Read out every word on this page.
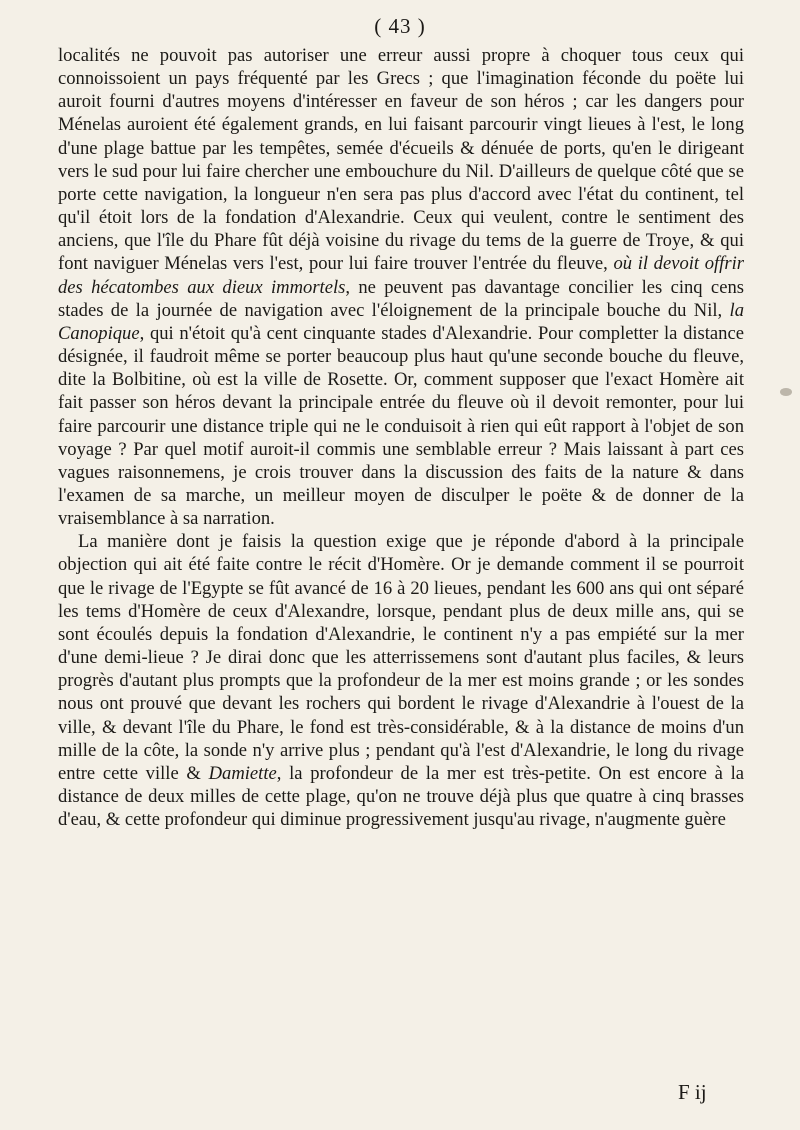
( 43 )

localités ne pouvoit pas autoriser une erreur aussi propre à choquer tous ceux qui connoissoient un pays fréquenté par les Grecs ; que l'imagination féconde du poëte lui auroit fourni d'autres moyens d'intéresser en faveur de son héros ; car les dangers pour Ménelas auroient été également grands, en lui faisant parcourir vingt lieues à l'est, le long d'une plage battue par les tempêtes, semée d'écueils & dénuée de ports, qu'en le dirigeant vers le sud pour lui faire chercher une embouchure du Nil. D'ailleurs de quelque côté que se porte cette navigation, la longueur n'en sera pas plus d'accord avec l'état du continent, tel qu'il étoit lors de la fondation d'Alexandrie. Ceux qui veulent, contre le sentiment des anciens, que l'île du Phare fût déjà voisine du rivage du tems de la guerre de Troye, & qui font naviguer Ménelas vers l'est, pour lui faire trouver l'entrée du fleuve, où il devoit offrir des hécatombes aux dieux immortels, ne peuvent pas davantage concilier les cinq cens stades de la journée de navigation avec l'éloignement de la principale bouche du Nil, la Canopique, qui n'étoit qu'à cent cinquante stades d'Alexandrie. Pour completter la distance désignée, il faudroit même se porter beaucoup plus haut qu'une seconde bouche du fleuve, dite la Bolbitine, où est la ville de Rosette. Or, comment supposer que l'exact Homère ait fait passer son héros devant la principale entrée du fleuve où il devoit remonter, pour lui faire parcourir une distance triple qui ne le conduisoit à rien qui eût rapport à l'objet de son voyage ? Par quel motif auroit-il commis une semblable erreur ? Mais laissant à part ces vagues raisonnemens, je crois trouver dans la discussion des faits de la nature & dans l'examen de sa marche, un meilleur moyen de disculper le poëte & de donner de la vraisemblance à sa narration.

La manière dont je faisis la question exige que je réponde d'abord à la principale objection qui ait été faite contre le récit d'Homère. Or je demande comment il se pourroit que le rivage de l'Egypte se fût avancé de 16 à 20 lieues, pendant les 600 ans qui ont séparé les tems d'Homère de ceux d'Alexandre, lorsque, pendant plus de deux mille ans, qui se sont écoulés depuis la fondation d'Alexandrie, le continent n'y a pas empiété sur la mer d'une demi-lieue ? Je dirai donc que les atterrissemens sont d'autant plus faciles, & leurs progrès d'autant plus prompts que la profondeur de la mer est moins grande ; or les sondes nous ont prouvé que devant les rochers qui bordent le rivage d'Alexandrie à l'ouest de la ville, & devant l'île du Phare, le fond est très-considérable, & à la distance de moins d'un mille de la côte, la sonde n'y arrive plus ; pendant qu'à l'est d'Alexandrie, le long du rivage entre cette ville & Damiette, la profondeur de la mer est très-petite. On est encore à la distance de deux milles de cette plage, qu'on ne trouve déjà plus que quatre à cinq brasses d'eau, & cette profondeur qui diminue progressivement jusqu'au rivage, n'augmente guère

F ij
